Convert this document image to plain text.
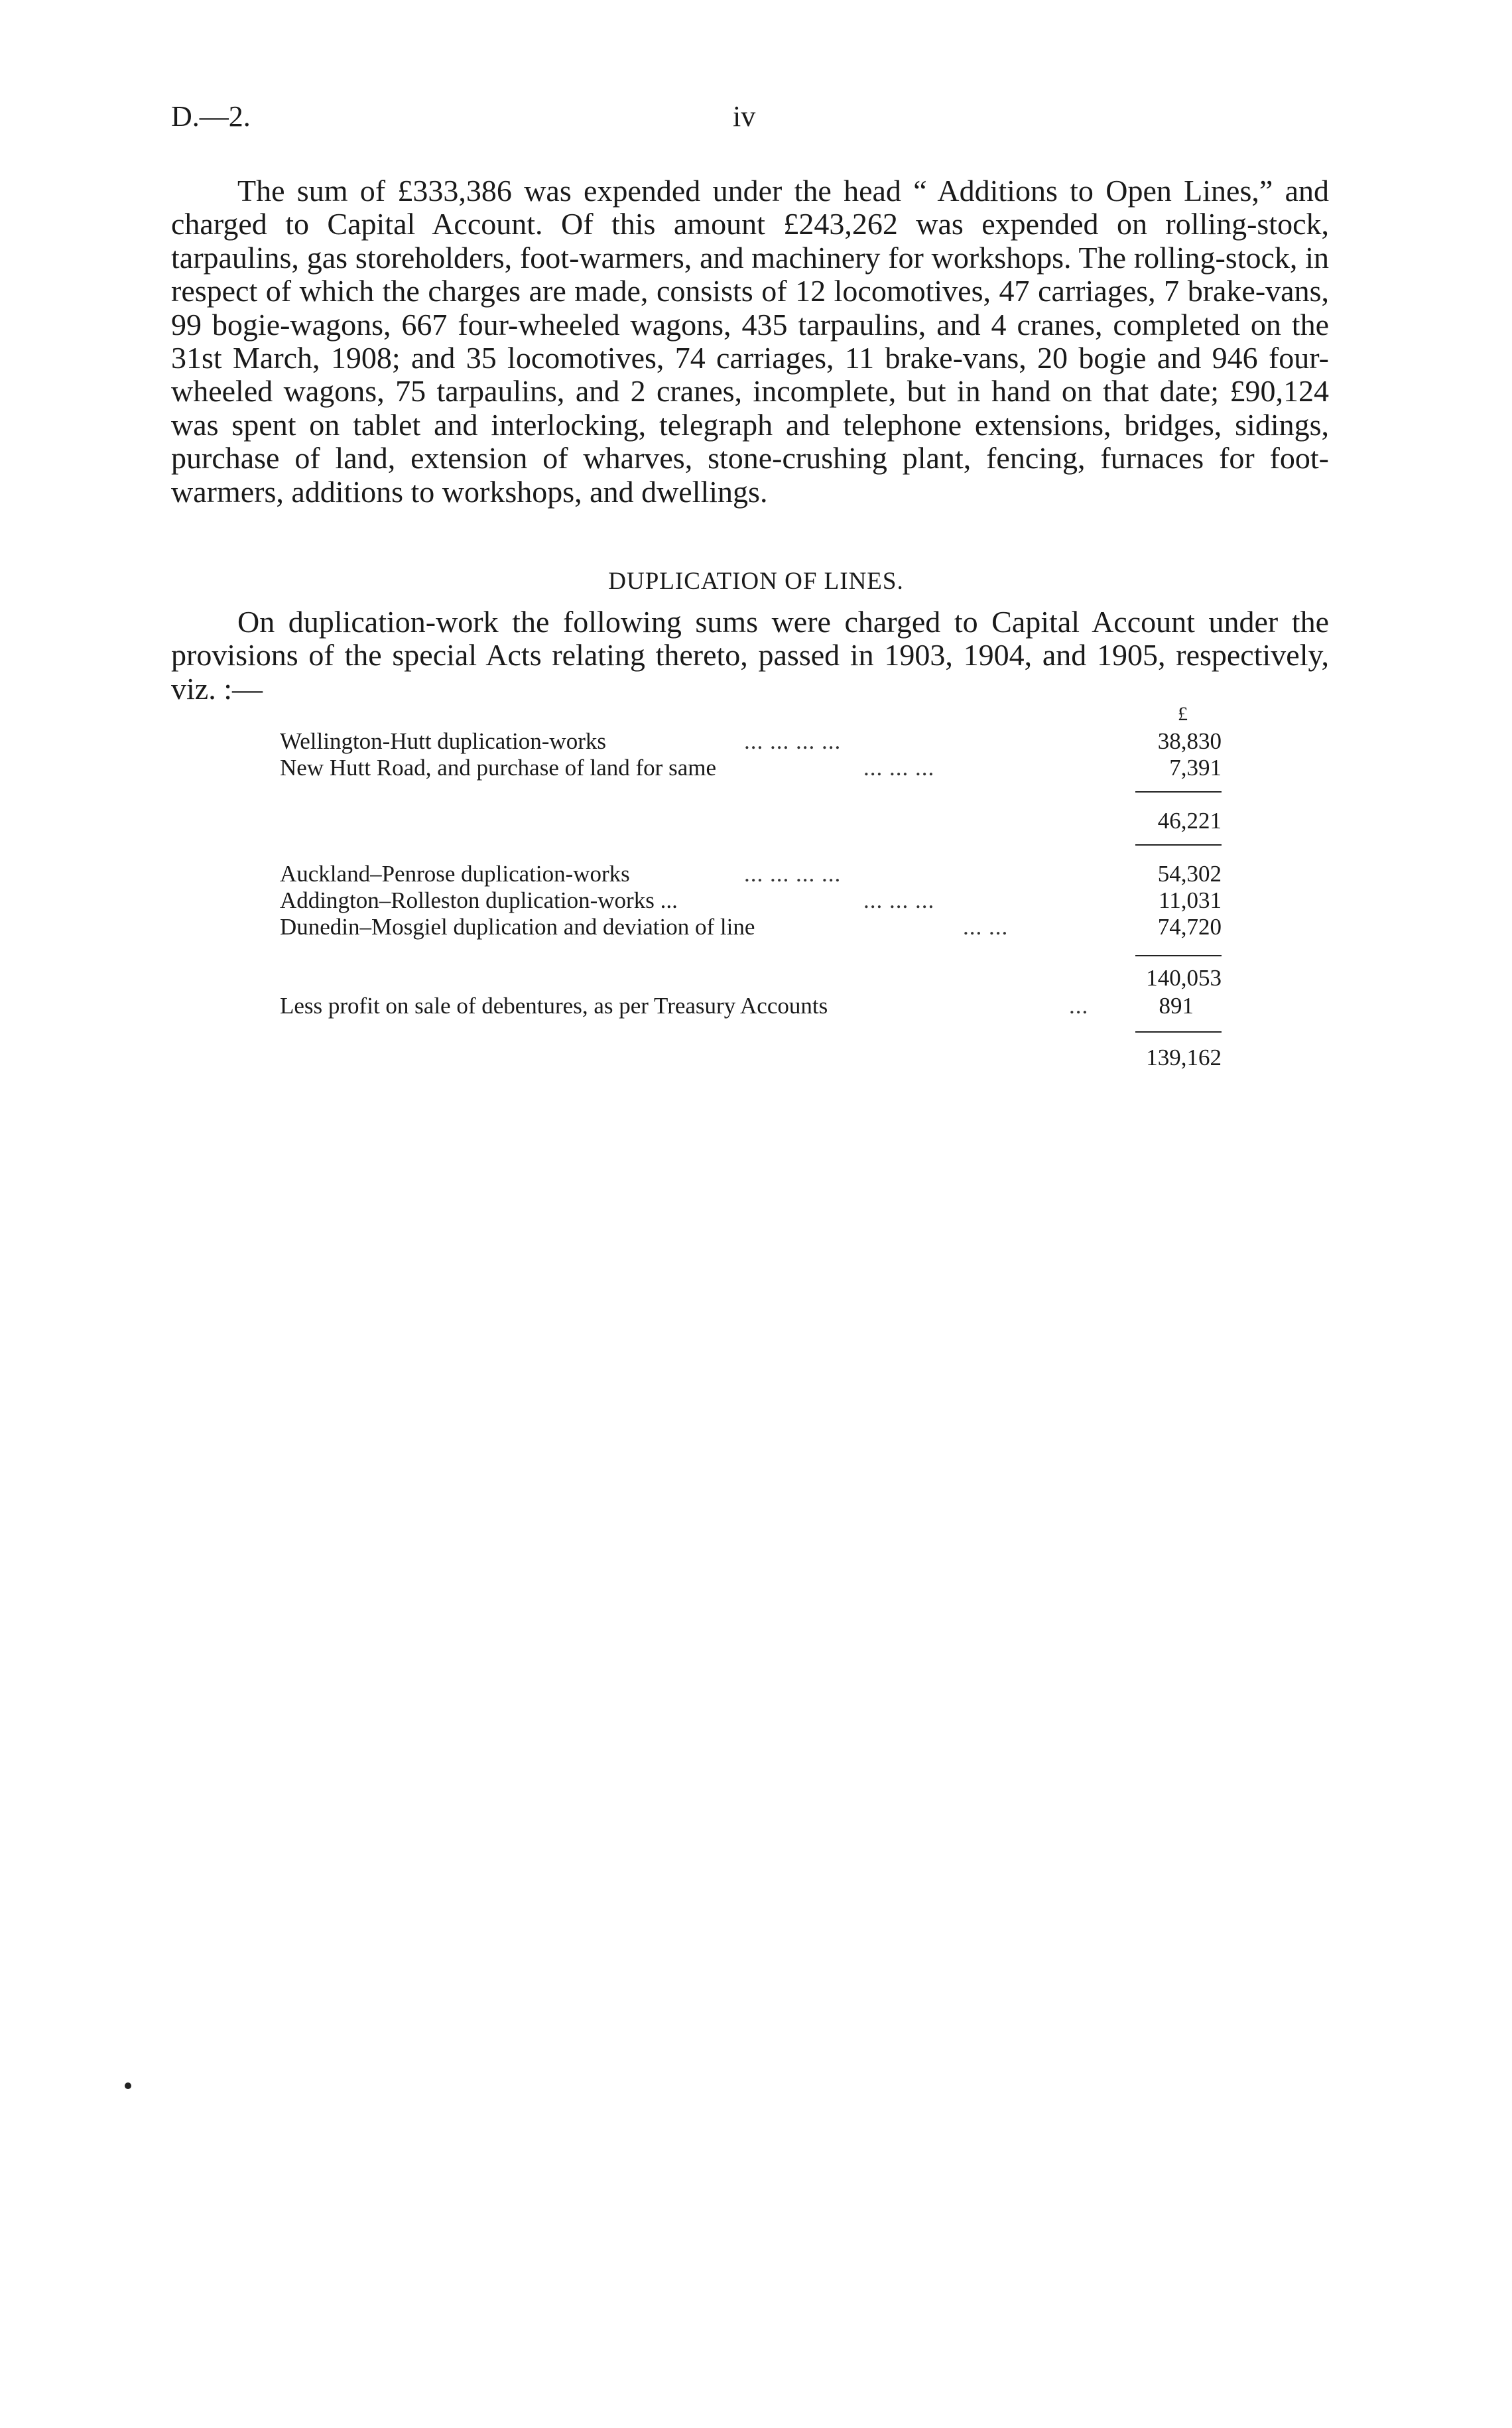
D.—2.	iv

The sum of £333,386 was expended under the head “ Additions to Open Lines,” and charged to Capital Account. Of this amount £243,262 was expended on rolling-stock, tarpaulins, gas storeholders, foot-warmers, and machinery for workshops. The rolling-stock, in respect of which the charges are made, consists of 12 locomotives, 47 carriages, 7 brake-vans, 99 bogie-wagons, 667 four-wheeled wagons, 435 tarpaulins, and 4 cranes, completed on the 31st March, 1908; and 35 locomotives, 74 carriages, 11 brake-vans, 20 bogie and 946 four-wheeled wagons, 75 tarpaulins, and 2 cranes, incomplete, but in hand on that date; £90,124 was spent on tablet and interlocking, telegraph and telephone extensions, bridges, sidings, purchase of land, extension of wharves, stone-crushing plant, fencing, furnaces for foot-warmers, additions to workshops, and dwellings.

DUPLICATION OF LINES.

On duplication-work the following sums were charged to Capital Account under the provisions of the special Acts relating thereto, passed in 1903, 1904, and 1905, respectively, viz. :—

£
Wellington-Hutt duplication-works	... ... ... ...	38,830
New Hutt Road, and purchase of land for same	... ... ...	7,391
46,221
Auckland–Penrose duplication-works	... ... ... ...	54,302
Addington–Rolleston duplication-works ...	... ... ...	11,031
Dunedin–Mosgiel duplication and deviation of line	... ...	74,720
140,053
Less profit on sale of debentures, as per Treasury Accounts	...	891
139,162
